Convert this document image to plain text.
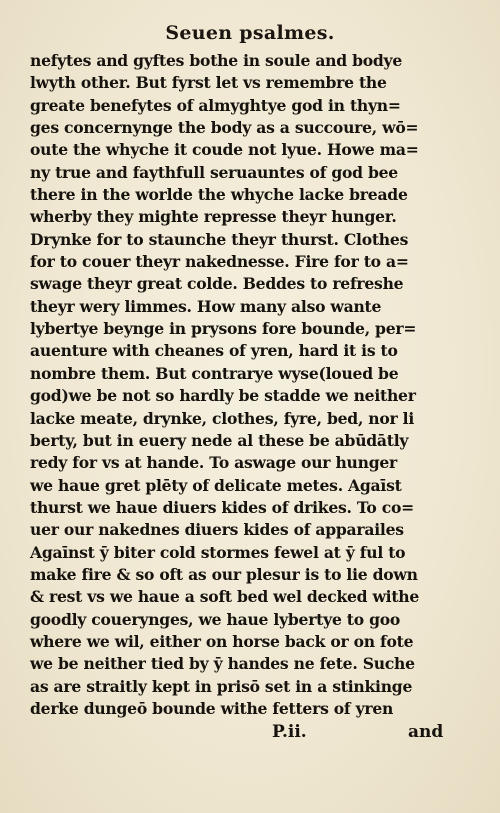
Seuen psalmes.
nefytes and gyftes bothe in soule and bodye
lwyth other. But fyrst let vs remembre the
greate benefytes of almyghtye god in thyn=
ges concernynge the body as a succoure, wō=
oute the whyche it coude not lyue. Howe ma=
ny true and faythfull seruauntes of god bee
there in the worlde the whyche lacke breade
wherby they mighte represse theyr hunger.
Drynke for to staunche theyr thurst. Clothes
for to couer theyr nakednesse. Fire for to a=
swage theyr great colde. Beddes to refreshe
theyr wery limmes. How many also wante
lybertye beynge in prysons fore bounde, per=
auenture with cheanes of yren, hard it is to
nombre them. But contrarye wyse(loued be
god)we be not so hardly be stadde we neither
lacke meate, drynke, clothes, fyre, bed, nor li
berty, but in euery nede al these be abūdātly
redy for vs at hande. To aswage our hunger
we haue gret plēty of delicate metes. Agaīst
thurst we haue diuers kides of drikes. To co=
uer our nakednes diuers kides of apparailes
Agaīnst ȳ biter cold stormes fewel at ȳ ful to
make fire & so oft as our plesur is to lie down
& rest vs we haue a soft bed wel decked withe
goodly couerynges, we haue lybertye to goo
where we wil, either on horse back or on fote
we be neither tied by ȳ handes ne fete. Suche
as are straitly kept in prisō set in a stinkinge
derke dungeō bounde withe fetters of yren
P.ii.	and
